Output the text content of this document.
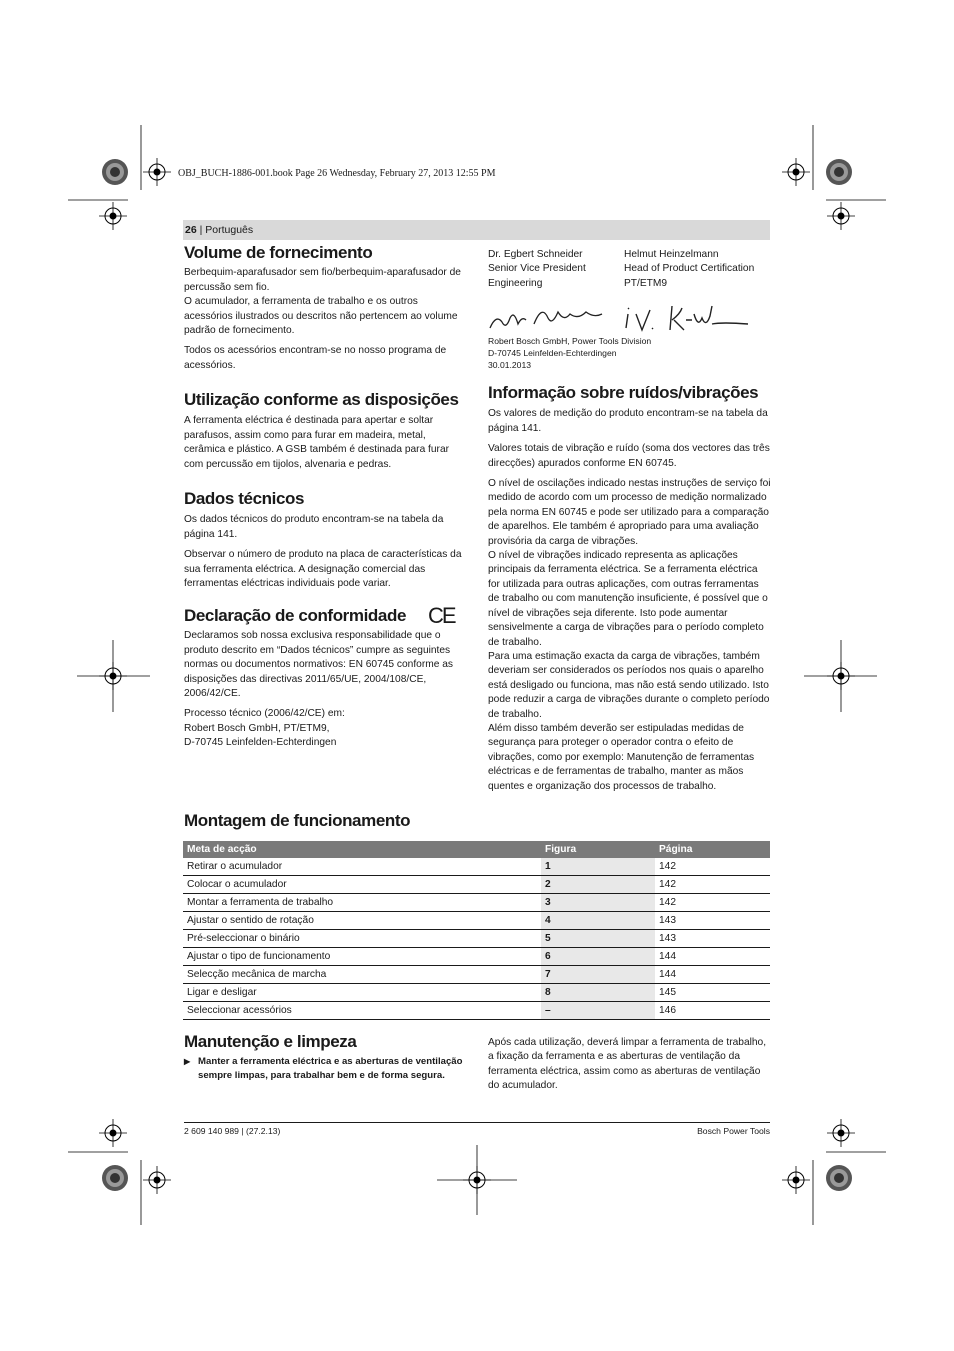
OBJ_BUCH-1886-001.book Page 26 Wednesday, February 27, 2013 12:55 PM
26 | Português
Volume de fornecimento

Berbequim-aparafusador sem fio/berbequim-aparafusador de percussão sem fio.

O acumulador, a ferramenta de trabalho e os outros acessórios ilustrados ou descritos não pertencem ao volume padrão de fornecimento.

Todos os acessórios encontram-se no nosso programa de acessórios.

Utilização conforme as disposições

A ferramenta eléctrica é destinada para apertar e soltar parafusos, assim como para furar em madeira, metal, cerâmica e plástico. A GSB também é destinada para furar com percussão em tijolos, alvenaria e pedras.

Dados técnicos

Os dados técnicos do produto encontram-se na tabela da página 141.

Observar o número de produto na placa de características da sua ferramenta eléctrica. A designação comercial das ferramentas eléctricas individuais pode variar.

Declaração de conformidade CE

Declaramos sob nossa exclusiva responsabilidade que o produto descrito em “Dados técnicos” cumpre as seguintes normas ou documentos normativos: EN 60745 conforme as disposições das directivas 2011/65/UE, 2004/108/CE, 2006/42/CE.

Processo técnico (2006/42/CE) em:

Robert Bosch GmbH, PT/ETM9,

D-70745 Leinfelden-Echterdingen

Dr. Egbert Schneider
Senior Vice President
Engineering
Helmut Heinzelmann
Head of Product Certification
PT/ETM9
Robert Bosch GmbH, Power Tools Division
D-70745 Leinfelden-Echterdingen
30.01.2013
Informação sobre ruídos/vibrações

Os valores de medição do produto encontram-se na tabela da página 141.

Valores totais de vibração e ruído (soma dos vectores das três direcções) apurados conforme EN 60745.

O nível de oscilações indicado nestas instruções de serviço foi medido de acordo com um processo de medição normalizado pela norma EN 60745 e pode ser utilizado para a comparação de aparelhos. Ele também é apropriado para uma avaliação provisória da carga de vibrações.

O nível de vibrações indicado representa as aplicações principais da ferramenta eléctrica. Se a ferramenta eléctrica for utilizada para outras aplicações, com outras ferramentas de trabalho ou com manutenção insuficiente, é possível que o nível de vibrações seja diferente. Isto pode aumentar sensivelmente a carga de vibrações para o período completo de trabalho.

Para uma estimação exacta da carga de vibrações, também deveriam ser considerados os períodos nos quais o aparelho está desligado ou funciona, mas não está sendo utilizado. Isto pode reduzir a carga de vibrações durante o completo período de trabalho.

Além disso também deverão ser estipuladas medidas de segurança para proteger o operador contra o efeito de vibrações, como por exemplo: Manutenção de ferramentas eléctricas e de ferramentas de trabalho, manter as mãos quentes e organização dos processos de trabalho.

Montagem de funcionamento
Meta de acção	Figura	Página
Retirar o acumulador	1	142
Colocar o acumulador	2	142
Montar a ferramenta de trabalho	3	142
Ajustar o sentido de rotação	4	143
Pré-seleccionar o binário	5	143
Ajustar o tipo de funcionamento	6	144
Selecção mecânica de marcha	7	144
Ligar e desligar	8	145
Seleccionar acessórios	–	146
Manutenção e limpeza
▶ Manter a ferramenta eléctrica e as aberturas de ventilação sempre limpas, para trabalhar bem e de forma segura.

Após cada utilização, deverá limpar a ferramenta de trabalho, a fixação da ferramenta e as aberturas de ventilação da ferramenta eléctrica, assim como as aberturas de ventilação do acumulador.

2 609 140 989 | (27.2.13)	Bosch Power Tools
